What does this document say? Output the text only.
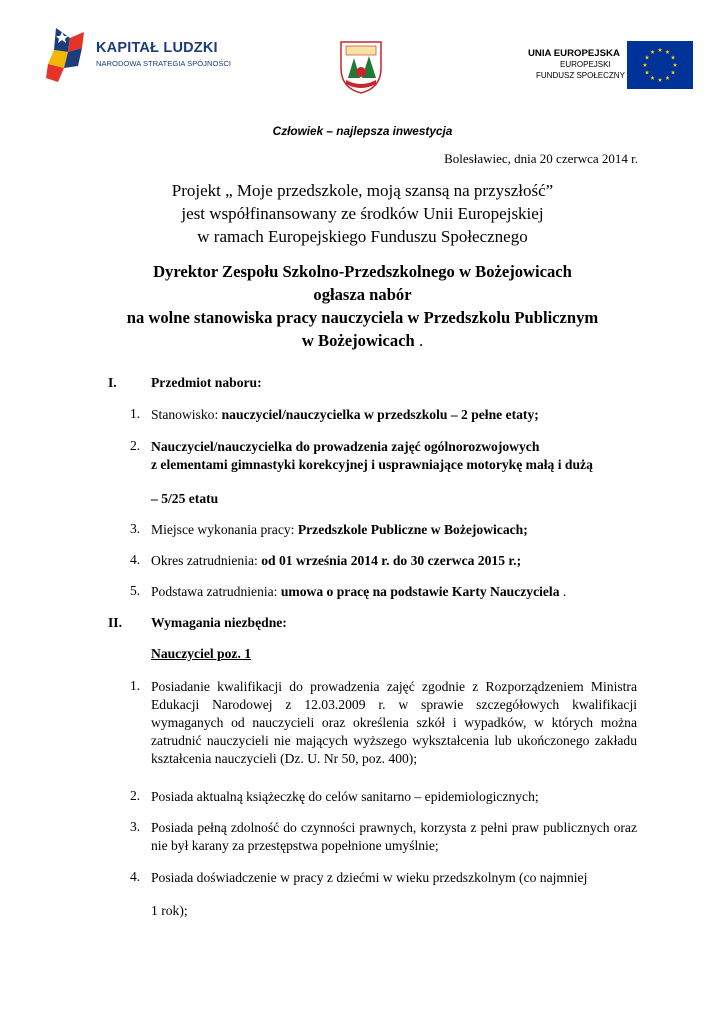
KAPITAŁ LUDZKI
NARODOWA STRATEGIA SPÓJNOŚCI
UNIA EUROPEJSKA
EUROPEJSKI
FUNDUSZ SPOŁECZNY
Człowiek – najlepsza inwestycja
Bolesławiec, dnia 20 czerwca 2014 r.
Projekt „ Moje przedszkole, moją szansą na przyszłość”
jest współfinansowany ze środków Unii Europejskiej
w ramach Europejskiego Funduszu Społecznego
Dyrektor Zespołu Szkolno-Przedszkolnego w Bożejowicach
ogłasza nabór
na wolne stanowiska pracy nauczyciela w Przedszkolu Publicznym
w Bożejowicach .
I.	Przedmiot naboru:
1. Stanowisko: nauczyciel/nauczycielka w przedszkolu – 2 pełne etaty;
2. Nauczyciel/nauczycielka do prowadzenia zajęć ogólnorozwojowych
z elementami gimnastyki korekcyjnej i usprawniające motorykę małą i dużą
– 5/25 etatu
3. Miejsce wykonania pracy: Przedszkole Publiczne w Bożejowicach;
4. Okres zatrudnienia: od 01 września 2014 r. do 30 czerwca 2015 r.;
5. Podstawa zatrudnienia: umowa o pracę na podstawie Karty Nauczyciela .
II. Wymagania niezbędne:
Nauczyciel poz. 1
1. Posiadanie kwalifikacji do prowadzenia zajęć zgodnie z Rozporządzeniem Ministra Edukacji Narodowej z 12.03.2009 r. w sprawie szczegółowych kwalifikacji wymaganych od nauczycieli oraz określenia szkół i wypadków, w których można zatrudnić nauczycieli nie mających wyższego wykształcenia lub ukończonego zakładu kształcenia nauczycieli (Dz. U. Nr 50, poz. 400);
2. Posiada aktualną książeczkę do celów sanitarno – epidemiologicznych;
3. Posiada pełną zdolność do czynności prawnych, korzysta z pełni praw publicznych oraz nie był karany za przestępstwa popełnione umyślnie;
4. Posiada doświadczenie w pracy z dziećmi w wieku przedszkolnym (co najmniej
1 rok);
